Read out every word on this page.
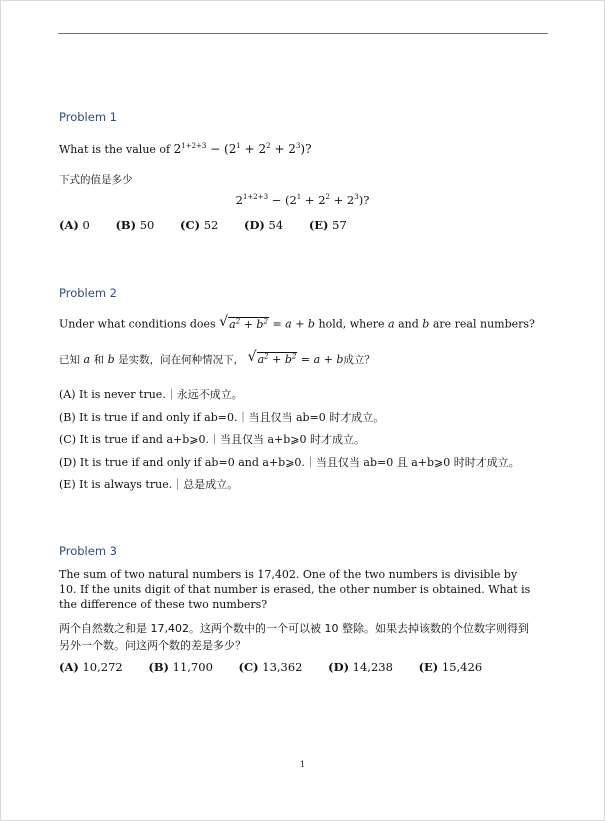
Problem 1
What is the value of $2^{1+2+3} - (2^1 + 2^2 + 2^3)$?
下式的值是多少
$2^{1+2+3} - (2^1 + 2^2 + 2^3)$?
(A) 0 (B) 50 (C) 52 (D) 54 (E) 57
Problem 2
Under what conditions does √ $a^2 + b^2 = a + b$ hold, where a and b are real numbers?
已知 a 和 b 是实数，问在何种情况下， √ $a^2 + b^2 = a + b$成立？
(A) It is never true.｜永远不成立。
(B) It is true if and only if ab=0.｜当且仅当 ab=0 时才成立。
(C) It is true if and a+b⩾0.｜当且仅当 a+b⩾0 时才成立。
(D) It is true if and only if ab=0 and a+b⩾0.｜当且仅当 ab=0 且 a+b⩾0 时时才成立。
(E) It is always true.｜总是成立。
Problem 3
The sum of two natural numbers is 17,402. One of the two numbers is divisible by 10. If the units digit of that number is erased, the other number is obtained. What is the difference of these two numbers?
两个自然数之和是 17,402。这两个数中的一个可以被 10 整除。如果去掉该数的个位数字则得到另外一个数。问这两个数的差是多少？
(A) 10,272 (B) 11,700 (C) 13,362 (D) 14,238 (E) 15,426
1
